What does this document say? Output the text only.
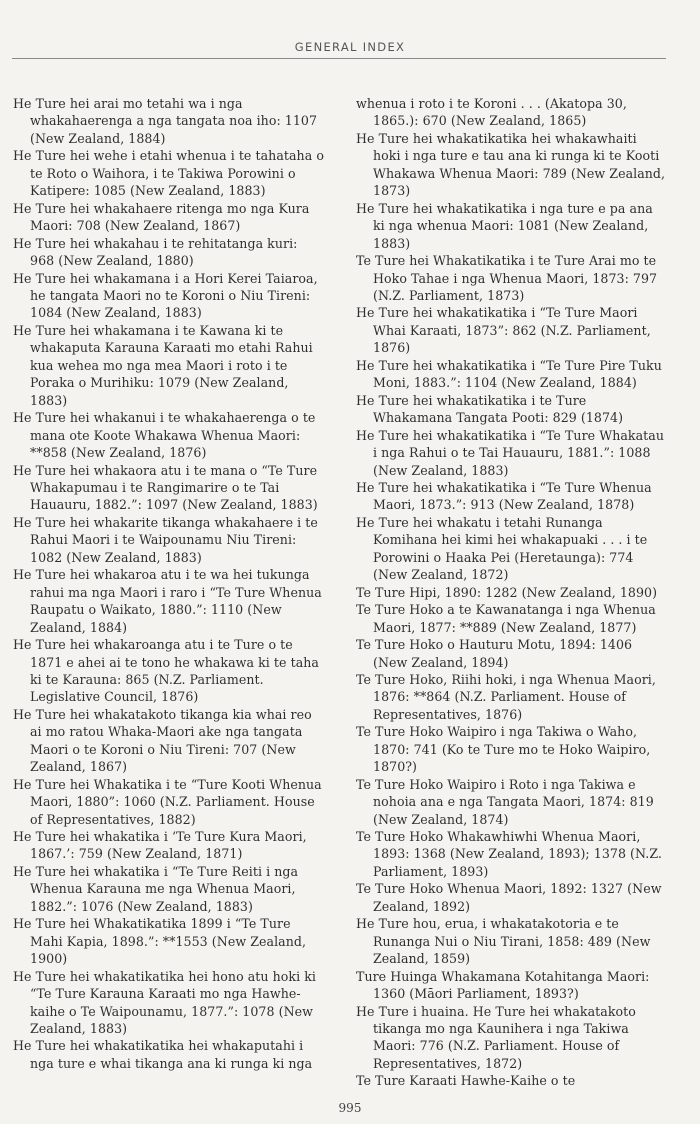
GENERAL INDEX

He Ture hei arai mo tetahi wa i nga whakahaerenga a nga tangata noa iho: 1107 (New Zealand, 1884)

He Ture hei wehe i etahi whenua i te tahataha o te Roto o Waihora, i te Takiwa Porowini o Katipere: 1085 (New Zealand, 1883)

He Ture hei whakahaere ritenga mo nga Kura Maori: 708 (New Zealand, 1867)

He Ture hei whakahau i te rehitatanga kuri: 968 (New Zealand, 1880)

He Ture hei whakamana i a Hori Kerei Taiaroa, he tangata Maori no te Koroni o Niu Tireni: 1084 (New Zealand, 1883)

He Ture hei whakamana i te Kawana ki te whakaputa Karauna Karaati mo etahi Rahui kua wehea mo nga mea Maori i roto i te Poraka o Murihiku: 1079 (New Zealand, 1883)

He Ture hei whakanui i te whakahaerenga o te mana ote Koote Whakawa Whenua Maori: **858 (New Zealand, 1876)

He Ture hei whakaora atu i te mana o “Te Ture Whakapumau i te Rangimarire o te Tai Hauauru, 1882.”: 1097 (New Zealand, 1883)

He Ture hei whakarite tikanga whakahaere i te Rahui Maori i te Waipounamu Niu Tireni: 1082 (New Zealand, 1883)

He Ture hei whakaroa atu i te wa hei tukunga rahui ma nga Maori i raro i “Te Ture Whenua Raupatu o Waikato, 1880.”: 1110 (New Zealand, 1884)

He Ture hei whakaroanga atu i te Ture o te 1871 e ahei ai te tono he whakawa ki te taha ki te Karauna: 865 (N.Z. Parliament. Legislative Council, 1876)

He Ture hei whakatakoto tikanga kia whai reo ai mo ratou Whaka-Maori ake nga tangata Maori o te Koroni o Niu Tireni: 707 (New Zealand, 1867)

He Ture hei Whakatika i te “Ture Kooti Whenua Maori, 1880”: 1060 (N.Z. Parliament. House of Representatives, 1882)

He Ture hei whakatika i ‘Te Ture Kura Maori, 1867.’: 759 (New Zealand, 1871)

He Ture hei whakatika i “Te Ture Reiti i nga Whenua Karauna me nga Whenua Maori, 1882.”: 1076 (New Zealand, 1883)

He Ture hei Whakatikatika 1899 i “Te Ture Mahi Kapia, 1898.”: **1553 (New Zealand, 1900)

He Ture hei whakatikatika hei hono atu hoki ki “Te Ture Karauna Karaati mo nga Hawhe-kaihe o Te Waipounamu, 1877.”: 1078 (New Zealand, 1883)

He Ture hei whakatikatika hei whakaputahi i nga ture e whai tikanga ana ki runga ki nga

whenua i roto i te Koroni . . . (Akatopa 30, 1865.): 670 (New Zealand, 1865)

He Ture hei whakatikatika hei whakawhaiti hoki i nga ture e tau ana ki runga ki te Kooti Whakawa Whenua Maori: 789 (New Zealand, 1873)

He Ture hei whakatikatika i nga ture e pa ana ki nga whenua Maori: 1081 (New Zealand, 1883)

Te Ture hei Whakatikatika i te Ture Arai mo te Hoko Tahae i nga Whenua Maori, 1873: 797 (N.Z. Parliament, 1873)

He Ture hei whakatikatika i “Te Ture Maori Whai Karaati, 1873”: 862 (N.Z. Parliament, 1876)

He Ture hei whakatikatika i “Te Ture Pire Tuku Moni, 1883.”: 1104 (New Zealand, 1884)

He Ture hei whakatikatika i te Ture Whakamana Tangata Pooti: 829 (1874)

He Ture hei whakatikatika i “Te Ture Whakatau i nga Rahui o te Tai Hauauru, 1881.”: 1088 (New Zealand, 1883)

He Ture hei whakatikatika i “Te Ture Whenua Maori, 1873.”: 913 (New Zealand, 1878)

He Ture hei whakatu i tetahi Runanga Komihana hei kimi hei whakapuaki . . . i te Porowini o Haaka Pei (Heretaunga): 774 (New Zealand, 1872)

Te Ture Hipi, 1890: 1282 (New Zealand, 1890)

Te Ture Hoko a te Kawanatanga i nga Whenua Maori, 1877: **889 (New Zealand, 1877)

Te Ture Hoko o Hauturu Motu, 1894: 1406 (New Zealand, 1894)

Te Ture Hoko, Riihi hoki, i nga Whenua Maori, 1876: **864 (N.Z. Parliament. House of Representatives, 1876)

Te Ture Hoko Waipiro i nga Takiwa o Waho, 1870: 741 (Ko te Ture mo te Hoko Waipiro, 1870?)

Te Ture Hoko Waipiro i Roto i nga Takiwa e nohoia ana e nga Tangata Maori, 1874: 819 (New Zealand, 1874)

Te Ture Hoko Whakawhiwhi Whenua Maori, 1893: 1368 (New Zealand, 1893); 1378 (N.Z. Parliament, 1893)

Te Ture Hoko Whenua Maori, 1892: 1327 (New Zealand, 1892)

He Ture hou, erua, i whakatakotoria e te Runanga Nui o Niu Tirani, 1858: 489 (New Zealand, 1859)

Ture Huinga Whakamana Kotahitanga Maori: 1360 (Māori Parliament, 1893?)

He Ture i huaina. He Ture hei whakatakoto tikanga mo nga Kaunihera i nga Takiwa Maori: 776 (N.Z. Parliament. House of Representatives, 1872)

Te Ture Karaati Hawhe-Kaihe o te

995
